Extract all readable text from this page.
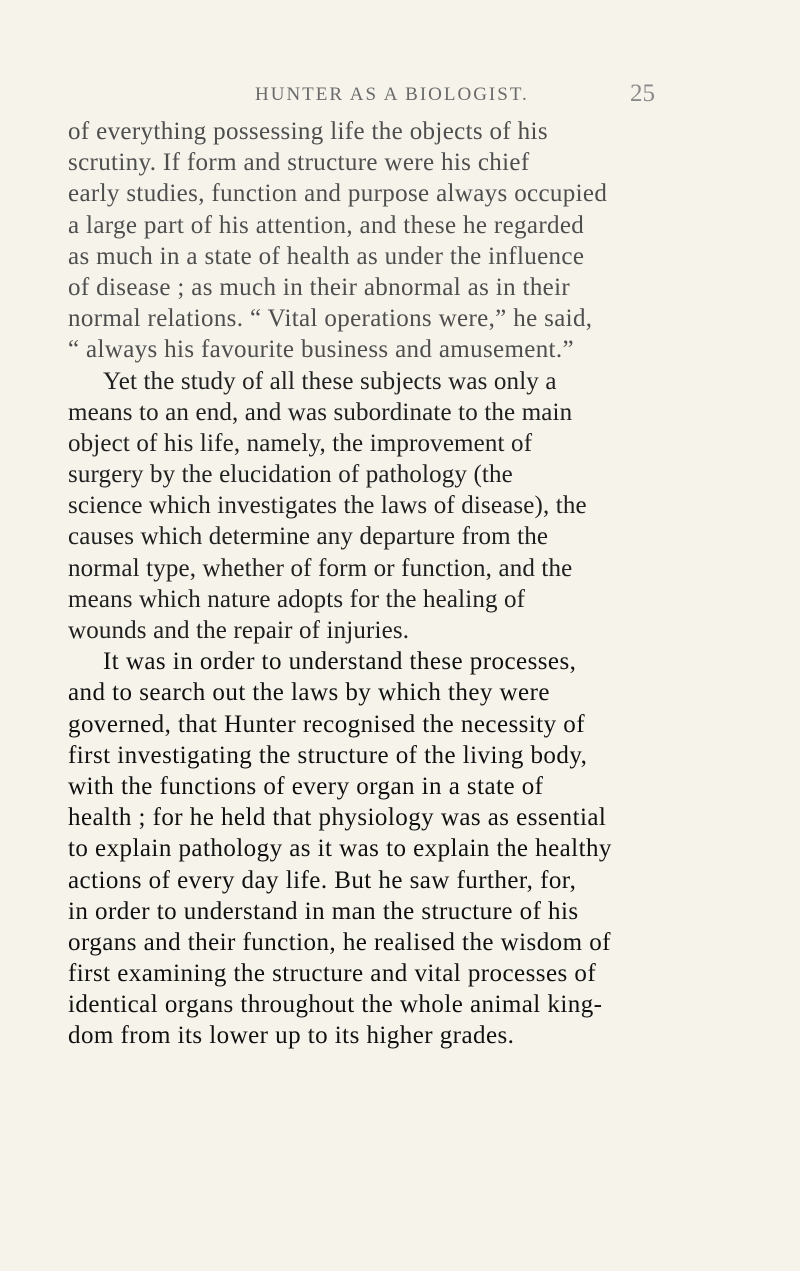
HUNTER AS A BIOLOGIST.	25
of everything possessing life the objects of his
scrutiny. If form and structure were his chief
early studies, function and purpose always occupied
a large part of his attention, and these he regarded
as much in a state of health as under the influence
of disease ; as much in their abnormal as in their
normal relations. “ Vital operations were,” he said,
“ always his favourite business and amusement.”
Yet the study of all these subjects was only a
means to an end, and was subordinate to the main
object of his life, namely, the improvement of
surgery by the elucidation of pathology (the
science which investigates the laws of disease), the
causes which determine any departure from the
normal type, whether of form or function, and the
means which nature adopts for the healing of
wounds and the repair of injuries.
It was in order to understand these processes,
and to search out the laws by which they were
governed, that Hunter recognised the necessity of
first investigating the structure of the living body,
with the functions of every organ in a state of
health ; for he held that physiology was as essential
to explain pathology as it was to explain the healthy
actions of every day life. But he saw further, for,
in order to understand in man the structure of his
organs and their function, he realised the wisdom of
first examining the structure and vital processes of
identical organs throughout the whole animal king-
dom from its lower up to its higher grades.
